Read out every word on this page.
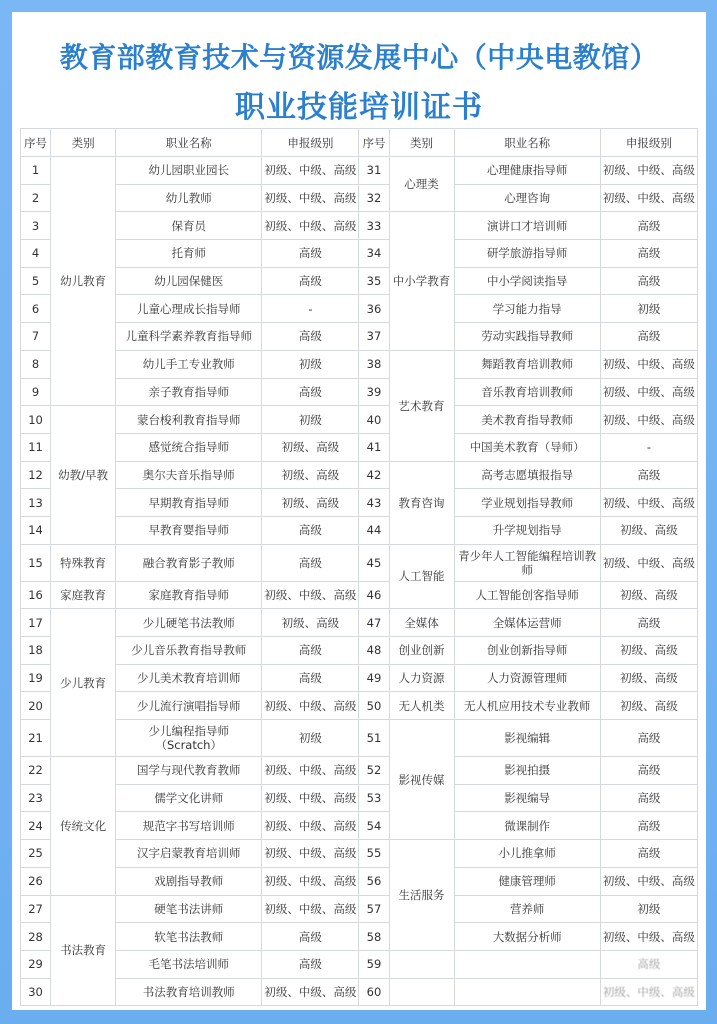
教育部教育技术与资源发展中心（中央电教馆）
职业技能培训证书
序号	类别	职业名称	申报级别	序号	类别	职业名称	申报级别
1	幼儿教育	幼儿园职业园长	初级、中级、高级	31	心理类	心理健康指导师	初级、中级、高级
2		幼儿教师	初级、中级、高级	32		心理咨询	初级、中级、高级
3		保育员	初级、中级、高级	33	中小学教育	演讲口才培训师	高级
4		托育师	高级	34		研学旅游指导师	高级
5		幼儿园保健医	高级	35		中小学阅读指导	高级
6		儿童心理成长指导师	-	36		学习能力指导	初级
7		儿童科学素养教育指导师	高级	37		劳动实践指导教师	高级
8		幼儿手工专业教师	初级	38	艺术教育	舞蹈教育培训教师	初级、中级、高级
9		亲子教育指导师	高级	39		音乐教育培训教师	初级、中级、高级
10	幼教/早教	蒙台梭利教育指导师	初级	40		美术教育指导教师	初级、中级、高级
11		感觉统合指导师	初级、高级	41		中国美术教育（导师）	-
12		奥尔夫音乐指导师	初级、高级	42	教育咨询	高考志愿填报指导	高级
13		早期教育指导师	初级、高级	43		学业规划指导教师	初级、中级、高级
14		早教育婴指导师	高级	44		升学规划指导	初级、高级
15	特殊教育	融合教育影子教师	高级	45	人工智能	青少年人工智能编程培训教师	初级、中级、高级
16	家庭教育	家庭教育指导师	初级、中级、高级	46		人工智能创客指导师	初级、高级
17	少儿教育	少儿硬笔书法教师	初级、高级	47	全媒体	全媒体运营师	高级
18		少儿音乐教育指导教师	高级	48	创业创新	创业创新指导师	初级、高级
19		少儿美术教育培训师	高级	49	人力资源	人力资源管理师	初级、高级
20		少儿流行演唱指导师	初级、中级、高级	50	无人机类	无人机应用技术专业教师	初级、高级
21		少儿编程指导师（Scratch）	初级	51	影视传媒	影视编辑	高级
22	传统文化	国学与现代教育教师	初级、中级、高级	52		影视拍摄	高级
23		儒学文化讲师	初级、中级、高级	53		影视编导	高级
24		规范字书写培训师	初级、中级、高级	54		微课制作	高级
25		汉字启蒙教育培训师	初级、中级、高级	55	生活服务	小儿推拿师	高级
26		戏剧指导教师	初级、中级、高级	56		健康管理师	初级、中级、高级
27	书法教育	硬笔书法讲师	初级、中级、高级	57		营养师	初级
28		软笔书法教师	高级	58		大数据分析师	初级、中级、高级
29		毛笔书法培训师	高级	59			高级
30		书法教育培训教师	初级、中级、高级	60			初级、中级、高级
